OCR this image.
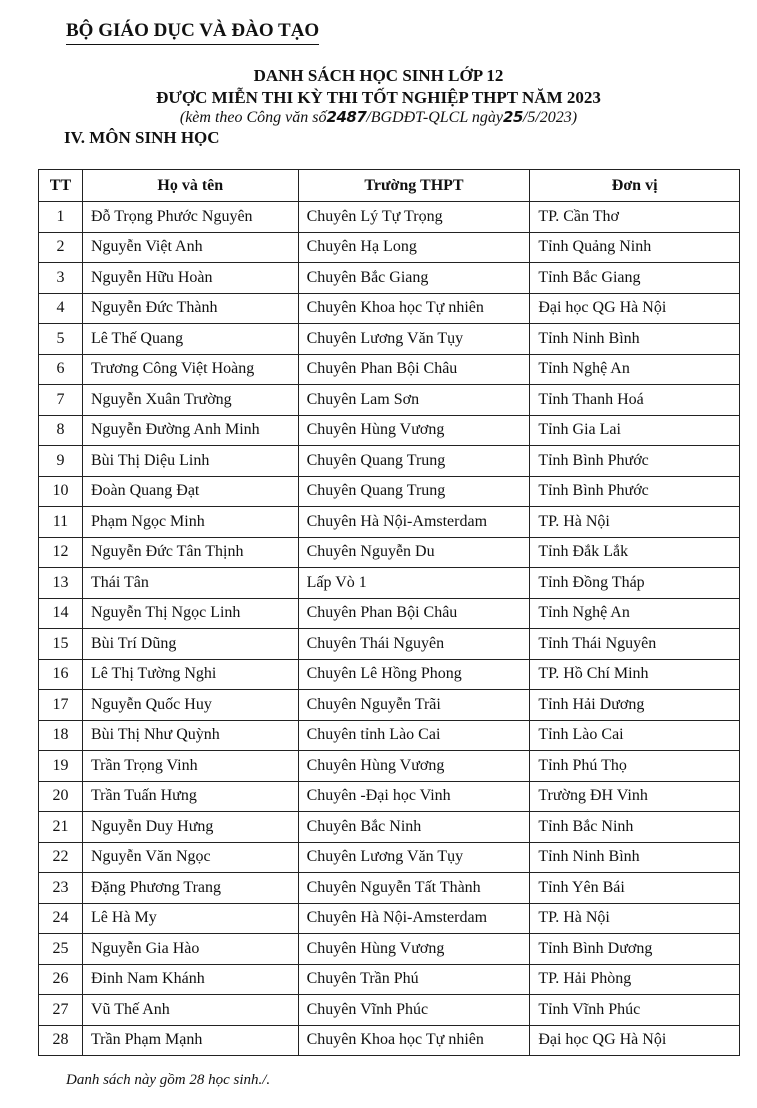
BỘ GIÁO DỤC VÀ ĐÀO TẠO
DANH SÁCH HỌC SINH LỚP 12
ĐƯỢC MIỄN THI KỲ THI TỐT NGHIỆP THPT NĂM 2023
(kèm theo Công văn số2487/BGDĐT-QLCL ngày25/5/2023)
IV. MÔN SINH HỌC
TT	Họ và tên	Trường THPT	Đơn vị
1	Đỗ Trọng Phước Nguyên	Chuyên Lý Tự Trọng	TP. Cần Thơ
2	Nguyễn Việt Anh	Chuyên Hạ Long	Tỉnh Quảng Ninh
3	Nguyễn Hữu Hoàn	Chuyên Bắc Giang	Tỉnh Bắc Giang
4	Nguyễn Đức Thành	Chuyên Khoa học Tự nhiên	Đại học QG Hà Nội
5	Lê Thế Quang	Chuyên Lương Văn Tụy	Tỉnh Ninh Bình
6	Trương Công Việt Hoàng	Chuyên Phan Bội Châu	Tỉnh Nghệ An
7	Nguyễn Xuân Trường	Chuyên Lam Sơn	Tỉnh Thanh Hoá
8	Nguyễn Đường Anh Minh	Chuyên Hùng Vương	Tỉnh Gia Lai
9	Bùi Thị Diệu Linh	Chuyên Quang Trung	Tỉnh Bình Phước
10	Đoàn Quang Đạt	Chuyên Quang Trung	Tỉnh Bình Phước
11	Phạm Ngọc Minh	Chuyên Hà Nội-Amsterdam	TP. Hà Nội
12	Nguyễn Đức Tân Thịnh	Chuyên Nguyễn Du	Tỉnh Đắk Lắk
13	Thái Tân	Lấp Vò 1	Tỉnh Đồng Tháp
14	Nguyễn Thị Ngọc Linh	Chuyên Phan Bội Châu	Tỉnh Nghệ An
15	Bùi Trí Dũng	Chuyên Thái Nguyên	Tỉnh Thái Nguyên
16	Lê Thị Tường Nghi	Chuyên Lê Hồng Phong	TP. Hồ Chí Minh
17	Nguyễn Quốc Huy	Chuyên Nguyễn Trãi	Tỉnh Hải Dương
18	Bùi Thị Như Quỳnh	Chuyên tỉnh Lào Cai	Tỉnh Lào Cai
19	Trần Trọng Vinh	Chuyên Hùng Vương	Tỉnh Phú Thọ
20	Trần Tuấn Hưng	Chuyên -Đại học Vinh	Trường ĐH Vinh
21	Nguyễn Duy Hưng	Chuyên Bắc Ninh	Tỉnh Bắc Ninh
22	Nguyễn Văn Ngọc	Chuyên Lương Văn Tụy	Tỉnh Ninh Bình
23	Đặng Phương Trang	Chuyên Nguyễn Tất Thành	Tỉnh Yên Bái
24	Lê Hà My	Chuyên Hà Nội-Amsterdam	TP. Hà Nội
25	Nguyễn Gia Hào	Chuyên Hùng Vương	Tỉnh Bình Dương
26	Đinh Nam Khánh	Chuyên Trần Phú	TP. Hải Phòng
27	Vũ Thế Anh	Chuyên Vĩnh Phúc	Tỉnh Vĩnh Phúc
28	Trần Phạm Mạnh	Chuyên Khoa học Tự nhiên	Đại học QG Hà Nội
Danh sách này gồm 28 học sinh./.
